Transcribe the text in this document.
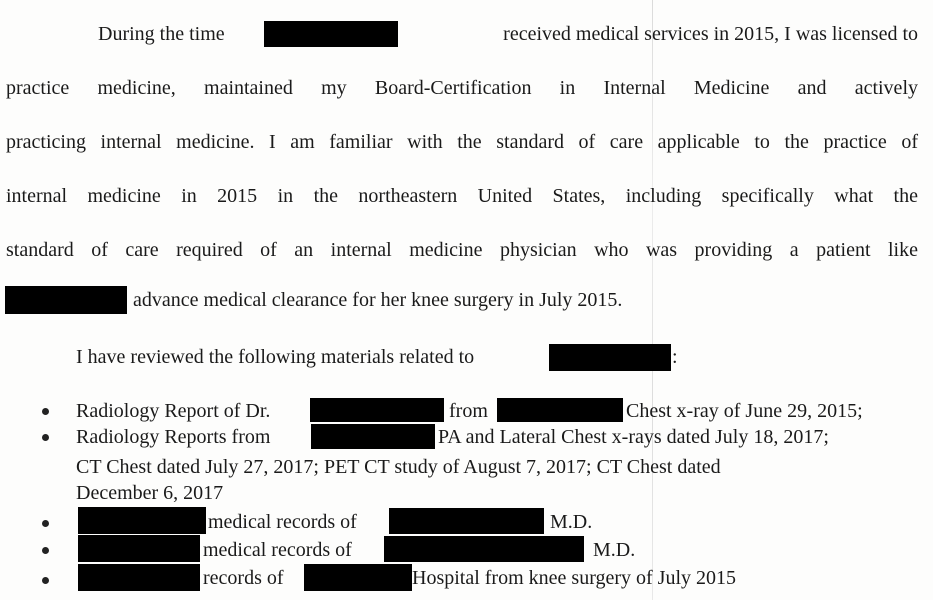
During the time	received medical services in 2015, I was licensed to
practice medicine, maintained my Board-Certification in Internal Medicine and actively
practicing internal medicine. I am familiar with the standard of care applicable to the practice of
internal medicine in 2015 in the northeastern United States, including specifically what the
standard of care required of an internal medicine physician who was providing a patient like
advance medical clearance for her knee surgery in July 2015.
I have reviewed the following materials related to	:
Radiology Report of Dr.	from	Chest x-ray of June 29, 2015;
Radiology Reports from	PA and Lateral Chest x-rays dated July 18, 2017;
CT Chest dated July 27, 2017; PET CT study of August 7, 2017; CT Chest dated
December 6, 2017
medical records of	M.D.
medical records of	M.D.
records of	Hospital from knee surgery of July 2015
